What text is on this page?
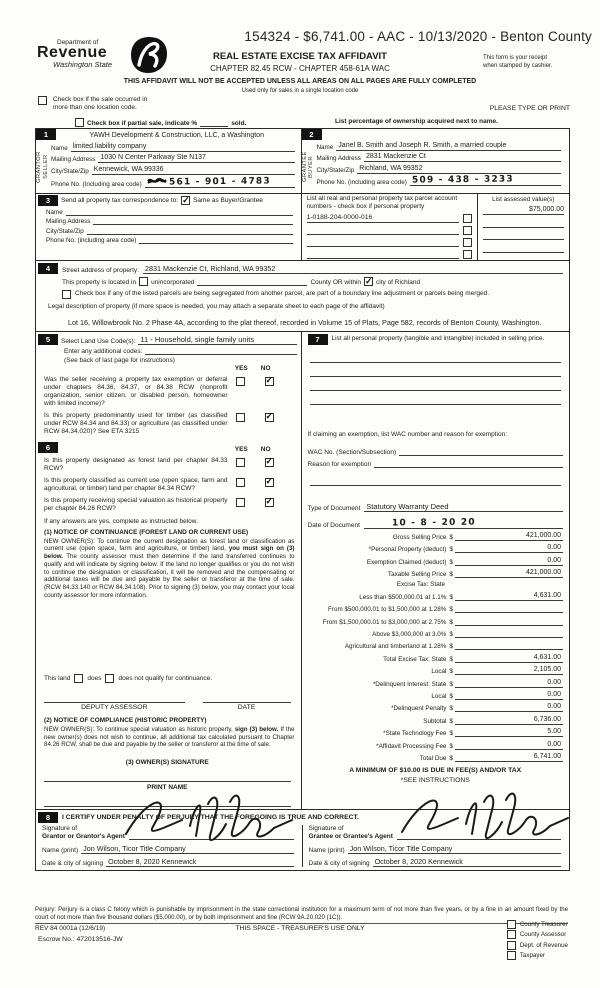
154324 - $6,741.00 - AAC - 10/13/2020 - Benton County
Department of
Revenue
Washington State
REAL ESTATE EXCISE TAX AFFIDAVIT
CHAPTER 82.45 RCW - CHAPTER 458-61A WAC
This form is your receipt
when stamped by cashier.
THIS AFFIDAVIT WILL NOT BE ACCEPTED UNLESS ALL AREAS ON ALL PAGES ARE FULLY COMPLETED
Used only for sales in a single location code
Check box if the sale occurred in
more than one location code.	PLEASE TYPE OR PRINT
Check box if partial sale, indicate %	sold.	List percentage of ownership acquired next to name.
1
GRANTOR SELLER
YAWH Development & Construction, LLC, a Washington
Name limited liability company
Mailing Address 1030 N Center Parkway Ste N137
City/State/Zip Kennewick, WA 99336
Phone No. (Including area code)	561 - 901 - 4783
2
GRANTEE BUYER
Name Janel B. Smith and Joseph R. Smith, a married couple
Mailing Address 2831 Mackenzie Ct
City/State/Zip Richland, WA 99352
Phone No. (including area code) 509 - 438 - 3233
3	Send all property tax correspondence to: ✓ Same as Buyer/Grantee
Name
Mailing Address
City/State/Zip
Phone No. (including area code)
List all real and personal property tax parcel account numbers - check box if personal property
1-0188-204-0000-016
List assessed value(s)
$75,000.00
4	Street address of property: 2831 Mackenzie Ct, Richland, WA 99352
This property is located in unincorporated	County OR within ✓ city of Richland
Check box if any of the listed parcels are being segregated from another parcel, are part of a boundary line adjustment or parcels being merged.
Legal description of property (if more space is needed, you may attach a separate sheet to each page of the affidavit)
Lot 16, Willowbrook No. 2 Phase 4A, according to the plat thereof, recorded in Volume 15 of Plats, Page 582, records of Benton County, Washington.
5	Select Land Use Code(s): 11 - Household, single family units
Enter any additional codes:
(See back of last page for instructions)
YES NO
Was the seller receiving a property tax exemption or deferral under chapters 84.36, 84.37, or 84.38 RCW (nonprofit organization, senior citizen, or disabled person, homeowner with limited income)?
✓
Is this property predominantly used for timber (as classified under RCW 84.34 and 84.33) or agriculture (as classified under RCW 84.34.020)? See ETA 3215
✓
6	YES NO
Is this property designated as forest land per chapter 84.33 RCW?
✓
Is this property classified as current use (open space, farm and agricultural, or timber) land per chapter 84.34 RCW?
✓
Is this property receiving special valuation as historical property per chapter 84.26 RCW?
✓
If any answers are yes, complete as instructed below.
(1) NOTICE OF CONTINUANCE (FOREST LAND OR CURRENT USE)
NEW OWNER(S): To continue the current designation as forest land or classification as current use (open space, farm and agriculture, or timber) land, you must sign on (3) below. The county assessor must then determine if the land transferred continues to qualify and will indicate by signing below. If the land no longer qualifies or you do not wish to continue the designation or classification, it will be removed and the compensating or additional taxes will be due and payable by the seller or transferor at the time of sale. (RCW 84.33.140 or RCW 84.34.108). Prior to signing (3) below, you may contact your local county assessor for more information.
This land	does	does not qualify for continuance.
DEPUTY ASSESSOR	DATE
(2) NOTICE OF COMPLIANCE (HISTORIC PROPERTY)
NEW OWNER(S): To continue special valuation as historic property, sign (3) below. If the new owner(s) does not wish to continue, all additional tax calculated pursuant to Chapter 84.26 RCW, shall be due and payable by the seller or transferor at the time of sale.
(3) OWNER(S) SIGNATURE
PRINT NAME
7	List all personal property (tangible and intangible) included in selling price.
If claiming an exemption, list WAC number and reason for exemption:
WAC No. (Section/Subsection)
Reason for exemption
Type of Document Statutory Warranty Deed
Date of Document	10 - 8 - 20 20
Gross Selling Price $	421,000.00
*Personal Property (deduct) $	0.00
Exemption Claimed (deduct) $	0.00
Taxable Selling Price $	421,000.00
Excise Tax: State
Less than $500,000.01 at 1.1% $	4,631.00
From $500,000.01 to $1,500,000 at 1.28% $
From $1,500,000.01 to $3,000,000 at 2.75% $
Above $3,000,000 at 3.0% $
Agricultural and timberland at 1.28% $
Total Excise Tax: State $	4,631.00
Local $	2,105.00
*Delinquent Interest: State $	0.00
Local $	0.00
*Delinquent Penalty $	0.00
Subtotal $	6,736.00
*State Technology Fee $	5.00
*Affidavit Processing Fee $	0.00
Total Due $	6,741.00
A MINIMUM OF $10.00 IS DUE IN FEE(S) AND/OR TAX
*SEE INSTRUCTIONS
8	I CERTIFY UNDER PENALTY OF PERJURY THAT THE FOREGOING IS TRUE AND CORRECT.
Signature of
Grantor or Grantor's Agent
Name (print) Jon Wilson, Ticor Title Company
Date & city of signing October 8, 2020 Kennewick
Signature of
Grantee or Grantee's Agent
Name (print) Jon Wilson, Ticor Title Company
Date & city of signing October 8, 2020 Kennewick
Perjury: Perjury is a class C felony which is punishable by imprisonment in the state correctional institution for a maximum term of not more than five years, or by a fine in an amount fixed by the court of not more than five thousand dollars ($5,000.00), or by both imprisonment and fine (RCW 9A.20.020 (1C)).
REV 84 0001a (12/6/19)	THIS SPACE - TREASURER'S USE ONLY
Escrow No.: 472013516-JW
County Treasurer
County Assessor
Dept. of Revenue
Taxpayer
